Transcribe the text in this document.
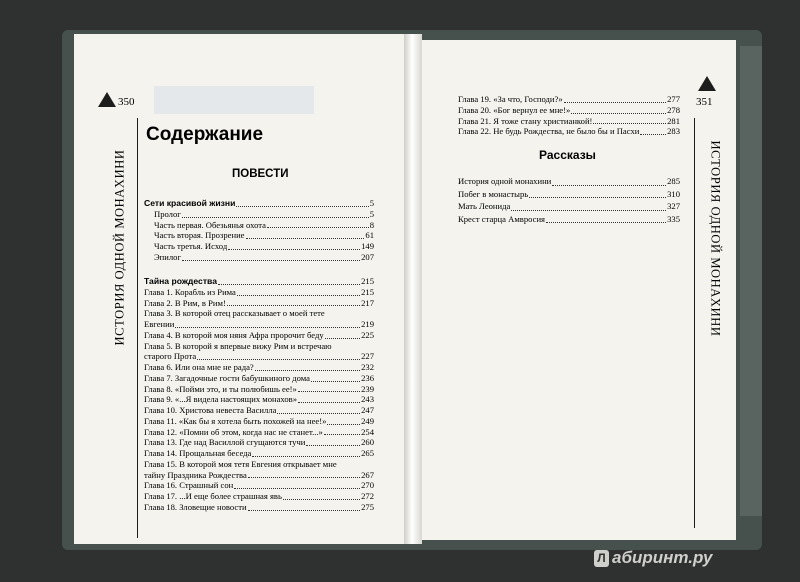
350
ИСТОРИЯ ОДНОЙ МОНАХИНИ
Содержание
ПОВЕСТИ
Сети красивой жизни	5
Пролог	5
Часть первая. Обезьянья охота	8
Часть вторая. Прозрение	61
Часть третья. Исход	149
Эпилог	207
Тайна рождества	215
Глава 1. Корабль из Рима	215
Глава 2. В Рим, в Рим!	217
Глава 3. В которой отец рассказывает о моей тете
Евгении	219
Глава 4. В которой моя няня Афра пророчит беду	225
Глава 5. В которой я впервые вижу Рим и встречаю
старого Прота	227
Глава 6. Или она мне не рада?	232
Глава 7. Загадочные гости бабушкиного дома	236
Глава 8. «Пойми это, и ты полюбишь ее!»	239
Глава 9. «...Я видела настоящих монахов»	243
Глава 10. Христова невеста Василла	247
Глава 11. «Как бы я хотела быть похожей на нее!»	249
Глава 12. «Помни об этом, когда нас не станет...»	254
Глава 13. Где над Василлой сгущаются тучи	260
Глава 14. Прощальная беседа	265
Глава 15. В которой моя тетя Евгения открывает мне
тайну Праздника Рождества	267
Глава 16. Страшный сон	270
Глава 17. ...И еще более страшная явь	272
Глава 18. Зловещие новости	275
351
ИСТОРИЯ ОДНОЙ МОНАХИНИ
Глава 19. «За что, Господи?»	277
Глава 20. «Бог вернул ее мне!»	278
Глава 21. Я тоже стану христианкой!	281
Глава 22. Не будь Рождества, не было бы и Пасхи	283
Рассказы
История одной монахини	285
Побег в монастырь	310
Мать Леонида	327
Крест старца Амвросия	335
Л абиринт.ру
